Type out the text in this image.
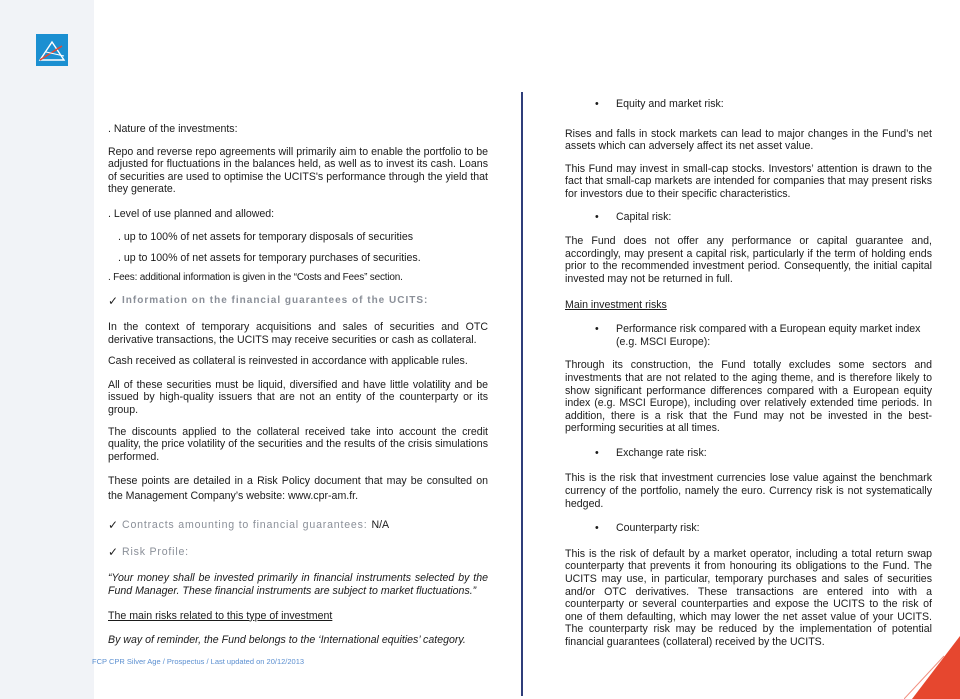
. Nature of the investments:

Repo and reverse repo agreements will primarily aim to enable the portfolio to be adjusted for fluctuations in the balances held, as well as to invest its cash. Loans of securities are used to optimise the UCITS's performance through the yield that they generate.

. Level of use planned and allowed:

. up to 100% of net assets for temporary disposals of securities

. up to 100% of net assets for temporary purchases of securities.

. Fees: additional information is given in the “Costs and Fees” section.

✓ Information on the financial guarantees of the UCITS:

In the context of temporary acquisitions and sales of securities and OTC derivative transactions, the UCITS may receive securities or cash as collateral.

Cash received as collateral is reinvested in accordance with applicable rules.

All of these securities must be liquid, diversified and have little volatility and be issued by high-quality issuers that are not an entity of the counterparty or its group.

The discounts applied to the collateral received take into account the credit quality, the price volatility of the securities and the results of the crisis simulations performed.

These points are detailed in a Risk Policy document that may be consulted on the Management Company’s website: www.cpr-am.fr.

✓ Contracts amounting to financial guarantees: N/A
✓ Risk Profile:

“Your money shall be invested primarily in financial instruments selected by the Fund Manager. These financial instruments are subject to market fluctuations.”

The main risks related to this type of investment

By way of reminder, the Fund belongs to the ‘International equities’ category.

• Equity and market risk:

Rises and falls in stock markets can lead to major changes in the Fund’s net assets which can adversely affect its net asset value.

This Fund may invest in small-cap stocks. Investors’ attention is drawn to the fact that small-cap markets are intended for companies that may present risks for investors due to their specific characteristics.

• Capital risk:

The Fund does not offer any performance or capital guarantee and, accordingly, may present a capital risk, particularly if the term of holding ends prior to the recommended investment period. Consequently, the initial capital invested may not be returned in full.

Main investment risks

• Performance risk compared with a European equity market index (e.g. MSCI Europe):

Through its construction, the Fund totally excludes some sectors and investments that are not related to the aging theme, and is therefore likely to show significant performance differences compared with a European equity index (e.g. MSCI Europe), including over relatively extended time periods. In addition, there is a risk that the Fund may not be invested in the best-performing securities at all times.

• Exchange rate risk:

This is the risk that investment currencies lose value against the benchmark currency of the portfolio, namely the euro. Currency risk is not systematically hedged.

• Counterparty risk:

This is the risk of default by a market operator, including a total return swap counterparty that prevents it from honouring its obligations to the Fund. The UCITS may use, in particular, temporary purchases and sales of securities and/or OTC derivatives. These transactions are entered into with a counterparty or several counterparties and expose the UCITS to the risk of one of them defaulting, which may lower the net asset value of your UCITS. The counterparty risk may be reduced by the implementation of potential financial guarantees (collateral) received by the UCITS.

FCP CPR Silver Age / Prospectus / Last updated on 20/12/2013	8
